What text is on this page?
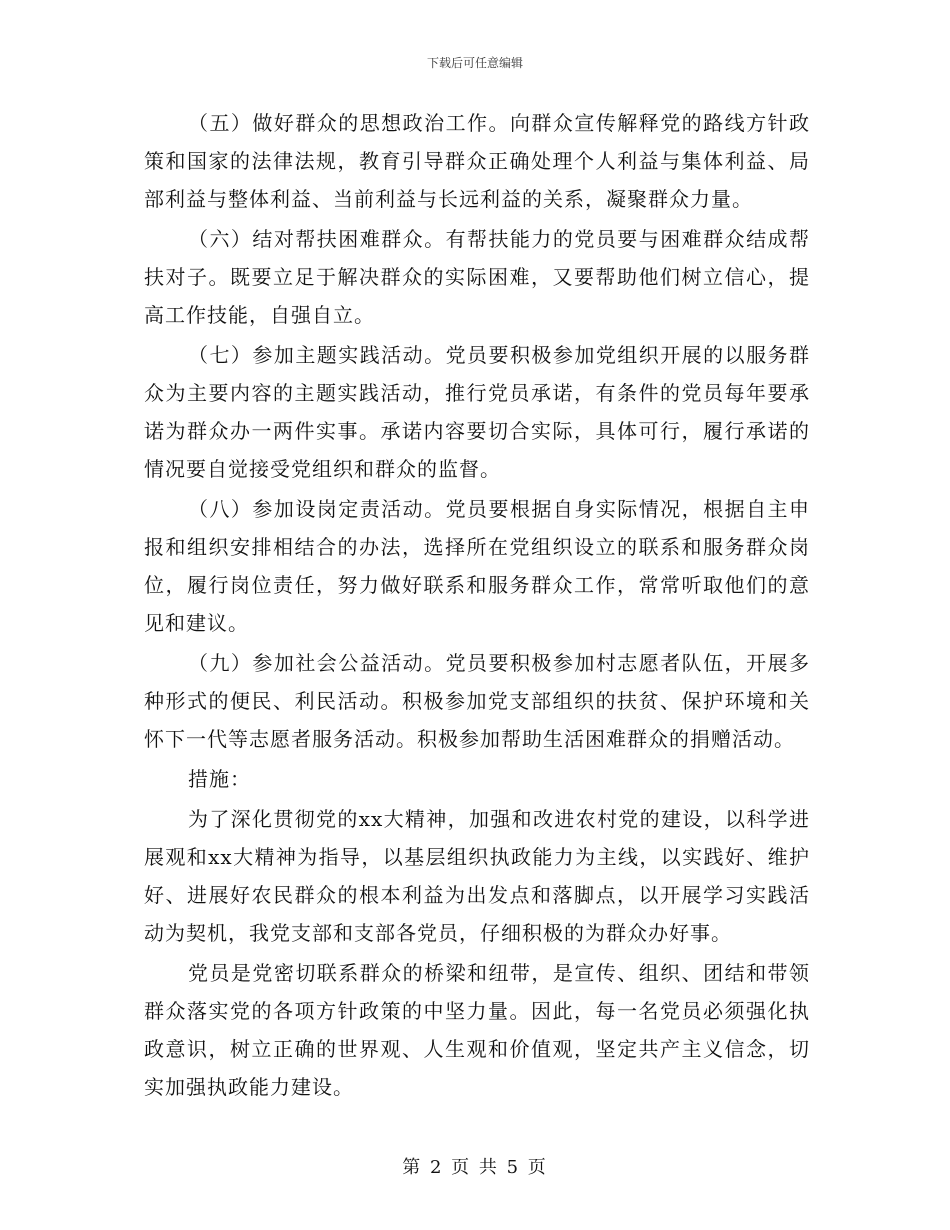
下载后可任意编辑

（五）做好群众的思想政治工作。向群众宣传解释党的路线方针政策和国家的法律法规，教育引导群众正确处理个人利益与集体利益、局部利益与整体利益、当前利益与长远利益的关系，凝聚群众力量。

（六）结对帮扶困难群众。有帮扶能力的党员要与困难群众结成帮扶对子。既要立足于解决群众的实际困难，又要帮助他们树立信心，提高工作技能，自强自立。

（七）参加主题实践活动。党员要积极参加党组织开展的以服务群众为主要内容的主题实践活动，推行党员承诺，有条件的党员每年要承诺为群众办一两件实事。承诺内容要切合实际，具体可行，履行承诺的情况要自觉接受党组织和群众的监督。

（八）参加设岗定责活动。党员要根据自身实际情况，根据自主申报和组织安排相结合的办法，选择所在党组织设立的联系和服务群众岗位，履行岗位责任，努力做好联系和服务群众工作，常常听取他们的意见和建议。

（九）参加社会公益活动。党员要积极参加村志愿者队伍，开展多种形式的便民、利民活动。积极参加党支部组织的扶贫、保护环境和关怀下一代等志愿者服务活动。积极参加帮助生活困难群众的捐赠活动。

措施：

为了深化贯彻党的xx大精神，加强和改进农村党的建设，以科学进展观和xx大精神为指导，以基层组织执政能力为主线，以实践好、维护好、进展好农民群众的根本利益为出发点和落脚点，以开展学习实践活动为契机，我党支部和支部各党员，仔细积极的为群众办好事。

党员是党密切联系群众的桥梁和纽带，是宣传、组织、团结和带领群众落实党的各项方针政策的中坚力量。因此，每一名党员必须强化执政意识，树立正确的世界观、人生观和价值观，坚定共产主义信念，切实加强执政能力建设。

第 2 页 共 5 页
